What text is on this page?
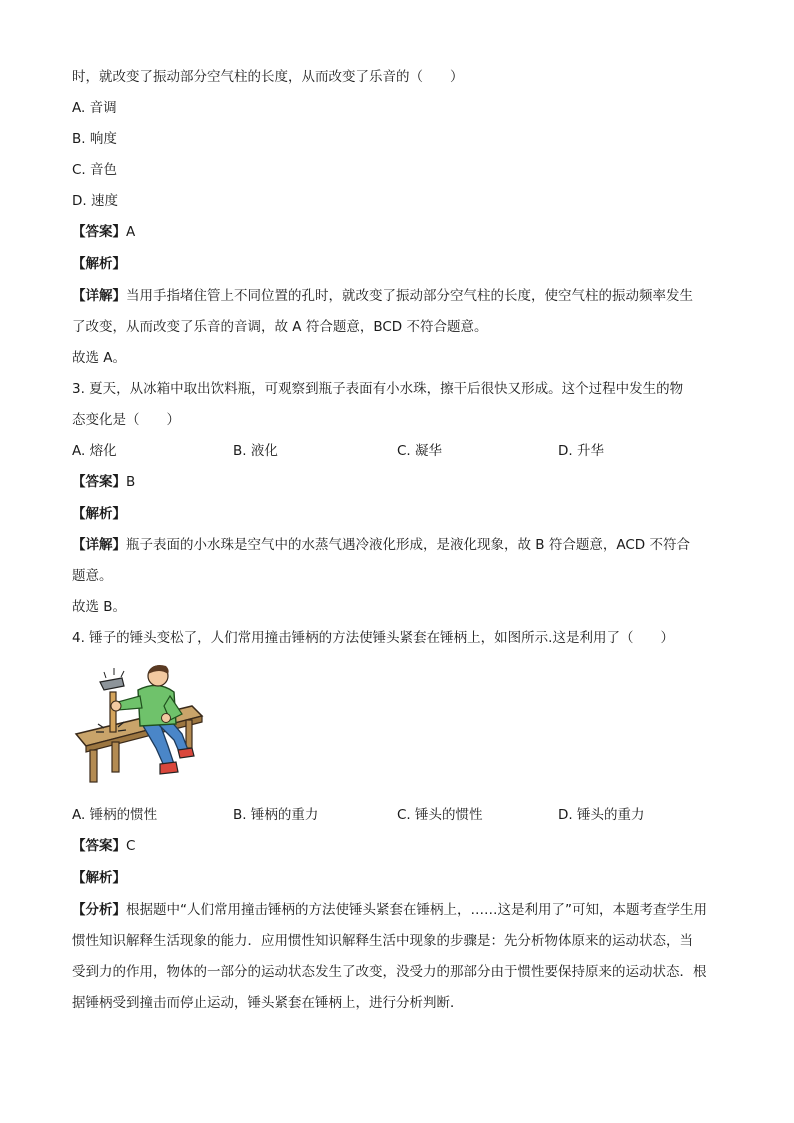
时，就改变了振动部分空气柱的长度，从而改变了乐音的（　　）
A. 音调
B. 响度
C. 音色
D. 速度
【答案】A
【解析】
【详解】当用手指堵住管上不同位置的孔时，就改变了振动部分空气柱的长度，使空气柱的振动频率发生
了改变，从而改变了乐音的音调，故 A 符合题意，BCD 不符合题意。
故选 A。
3. 夏天，从冰箱中取出饮料瓶，可观察到瓶子表面有小水珠，擦干后很快又形成。这个过程中发生的物
态变化是（　　）
A. 熔化	B. 液化	C. 凝华	D. 升华
【答案】B
【解析】
【详解】瓶子表面的小水珠是空气中的水蒸气遇冷液化形成，是液化现象，故 B 符合题意，ACD 不符合
题意。
故选 B。
4. 锤子的锤头变松了，人们常用撞击锤柄的方法使锤头紧套在锤柄上，如图所示.这是利用了（　　）
A. 锤柄的惯性	B. 锤柄的重力	C. 锤头的惯性	D. 锤头的重力
【答案】C
【解析】
【分析】根据题中“人们常用撞击锤柄的方法使锤头紧套在锤柄上，……这是利用了”可知，本题考查学生用
惯性知识解释生活现象的能力．应用惯性知识解释生活中现象的步骤是：先分析物体原来的运动状态，当
受到力的作用，物体的一部分的运动状态发生了改变，没受力的那部分由于惯性要保持原来的运动状态．根
据锤柄受到撞击而停止运动，锤头紧套在锤柄上，进行分析判断．
